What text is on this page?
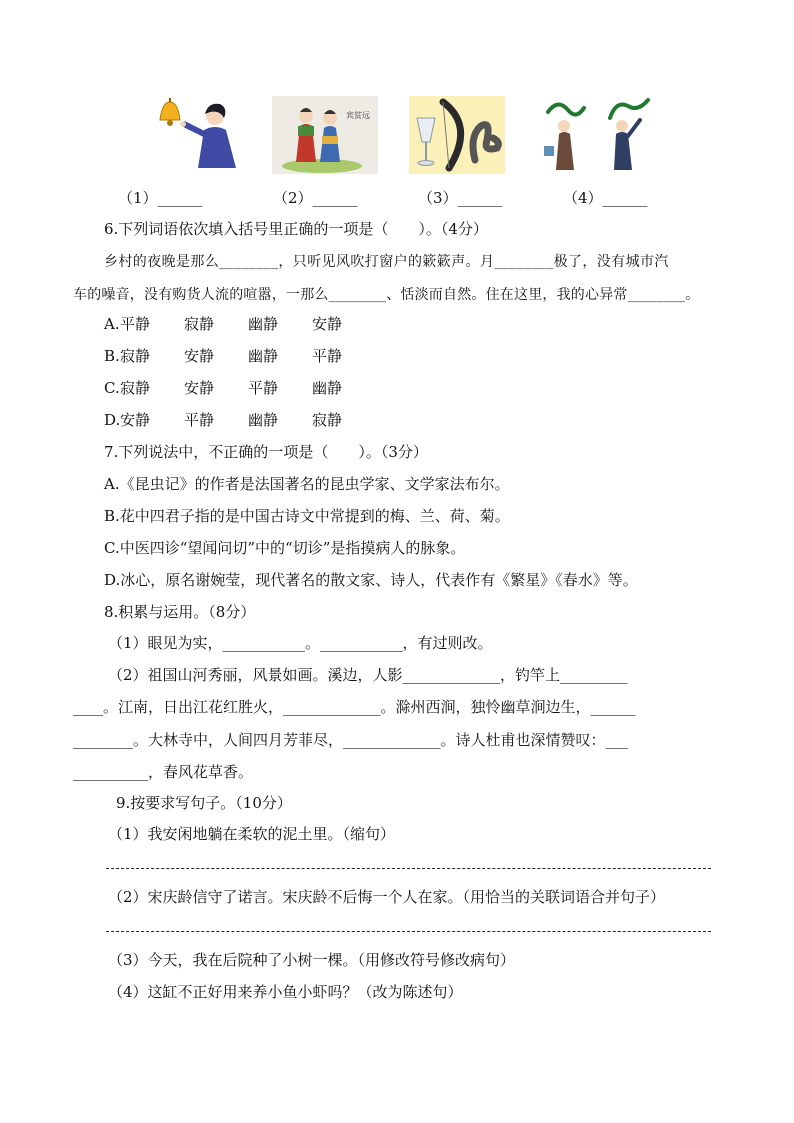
宾贫远
（1）______	（2）______	（3）______	（4）______
6.下列词语依次填入括号里正确的一项是（　　）。（4分）
乡村的夜晚是那么________，只听见风吹打窗户的簌簌声。月________极了，没有城市汽
车的噪音，没有购货人流的喧嚣，一那么________、恬淡而自然。住在这里，我的心异常________。
A.平静 寂静 幽静 安静
B.寂静 安静 幽静 平静
C.寂静 安静 平静 幽静
D.安静 平静 幽静 寂静
7.下列说法中，不正确的一项是（　　）。（3分）
A.《昆虫记》的作者是法国著名的昆虫学家、文学家法布尔。
B.花中四君子指的是中国古诗文中常提到的梅、兰、荷、菊。
C.中医四诊“望闻问切”中的“切诊”是指摸病人的脉象。
D.冰心，原名谢婉莹，现代著名的散文家、诗人，代表作有《繁星》《春水》等。
8.积累与运用。（8分）
（1）眼见为实，___________。___________，有过则改。
（2）祖国山河秀丽，风景如画。溪边，人影_____________，钓竿上_________
____。江南，日出江花红胜火，_____________。滁州西涧，独怜幽草涧边生，______
________。大林寺中，人间四月芳菲尽，_____________。诗人杜甫也深情赞叹：___
__________，春风花草香。
9.按要求写句子。（10分）
（1）我安闲地躺在柔软的泥土里。（缩句）
（2）宋庆龄信守了诺言。宋庆龄不后悔一个人在家。（用恰当的关联词语合并句子）
（3）今天，我在后院种了小树一棵。（用修改符号修改病句）
（4）这缸不正好用来养小鱼小虾吗？（改为陈述句）
